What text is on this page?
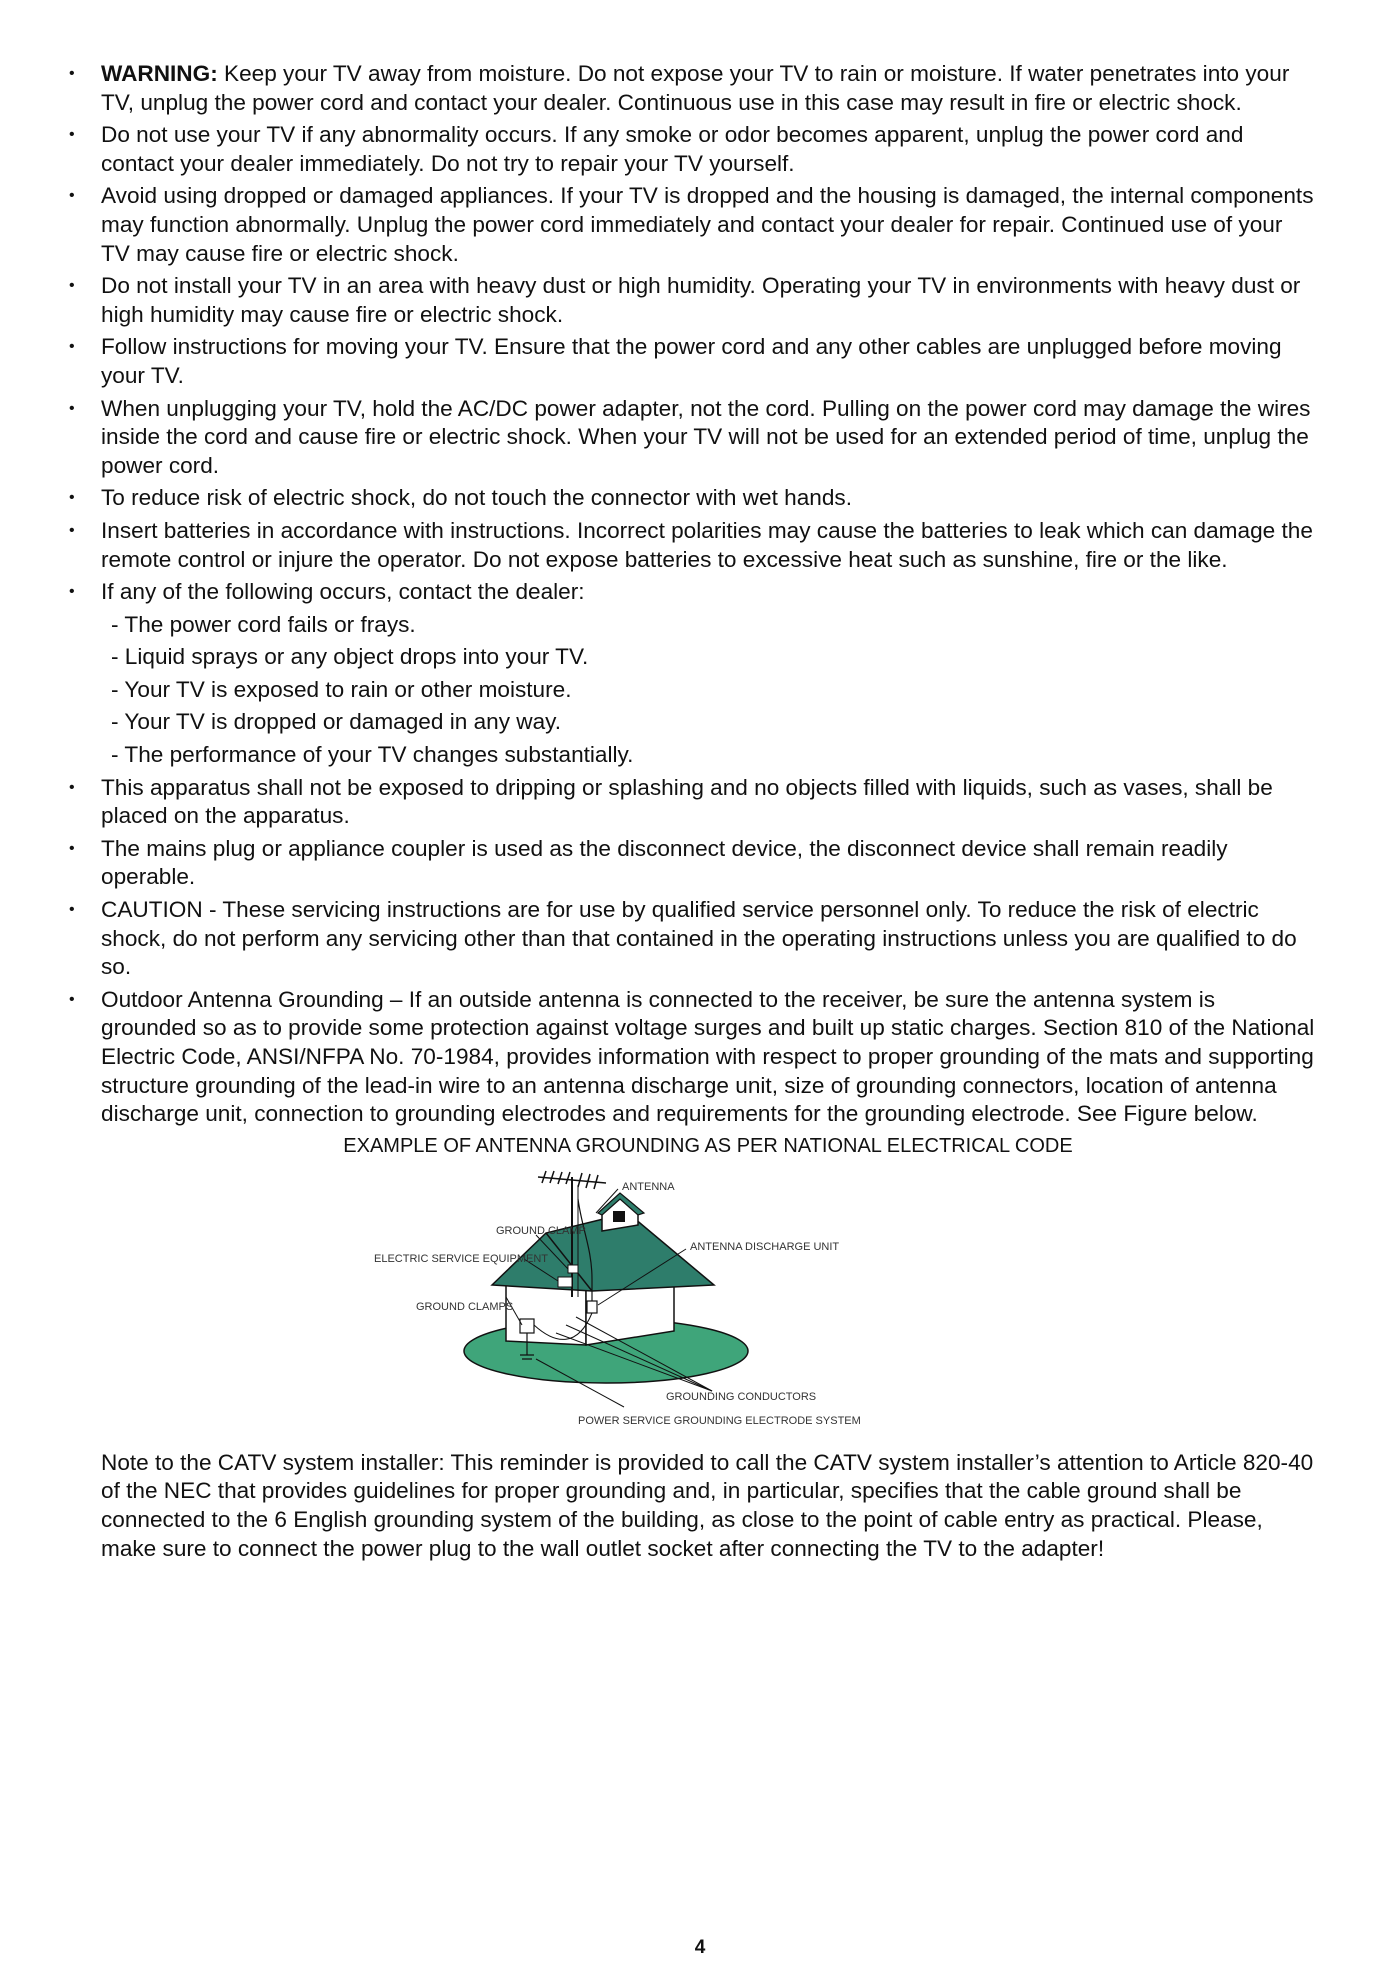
• WARNING: Keep your TV away from moisture. Do not expose your TV to rain or moisture. If water penetrates into your TV, unplug the power cord and contact your dealer. Continuous use in this case may result in fire or electric shock.
• Do not use your TV if any abnormality occurs. If any smoke or odor becomes apparent, unplug the power cord and contact your dealer immediately. Do not try to repair your TV yourself.
• Avoid using dropped or damaged appliances. If your TV is dropped and the housing is damaged, the internal components may function abnormally. Unplug the power cord immediately and contact your dealer for repair. Continued use of your TV may cause fire or electric shock.
• Do not install your TV in an area with heavy dust or high humidity. Operating your TV in environments with heavy dust or high humidity may cause fire or electric shock.
• Follow instructions for moving your TV. Ensure that the power cord and any other cables are unplugged before moving your TV.
• When unplugging your TV, hold the AC/DC power adapter, not the cord. Pulling on the power cord may damage the wires inside the cord and cause fire or electric shock. When your TV will not be used for an extended period of time, unplug the power cord.
• To reduce risk of electric shock, do not touch the connector with wet hands.
• Insert batteries in accordance with instructions. Incorrect polarities may cause the batteries to leak which can damage the remote control or injure the operator. Do not expose batteries to excessive heat such as sunshine, fire or the like.
• If any of the following occurs, contact the dealer:
- The power cord fails or frays.
- Liquid sprays or any object drops into your TV.
- Your TV is exposed to rain or other moisture.
- Your TV is dropped or damaged in any way.
- The performance of your TV changes substantially.
• This apparatus shall not be exposed to dripping or splashing and no objects filled with liquids, such as vases, shall be placed on the apparatus.
• The mains plug or appliance coupler is used as the disconnect device, the disconnect device shall remain readily operable.
• CAUTION - These servicing instructions are for use by qualified service personnel only. To reduce the risk of electric shock, do not perform any servicing other than that contained in the operating instructions unless you are qualified to do so.
• Outdoor Antenna Grounding – If an outside antenna is connected to the receiver, be sure the antenna system is grounded so as to provide some protection against voltage surges and built up static charges. Section 810 of the National Electric Code, ANSI/NFPA No. 70-1984, provides information with respect to proper grounding of the mats and supporting structure grounding of the lead-in wire to an antenna discharge unit, size of grounding connectors, location of antenna discharge unit, connection to grounding electrodes and requirements for the grounding electrode. See Figure below.
EXAMPLE OF ANTENNA GROUNDING AS PER NATIONAL ELECTRICAL CODE
ANTENNA
GROUND CLAMP
ANTENNA DISCHARGE UNIT
ELECTRIC SERVICE EQUIPMENT
GROUND CLAMPS
GROUNDING CONDUCTORS
POWER SERVICE GROUNDING ELECTRODE SYSTEM

Note to the CATV system installer: This reminder is provided to call the CATV system installer’s attention to Article 820-40 of the NEC that provides guidelines for proper grounding and, in particular, specifies that the cable ground shall be connected to the 6 English grounding system of the building, as close to the point of cable entry as practical. Please, make sure to connect the power plug to the wall outlet socket after connecting the TV to the adapter!

4
